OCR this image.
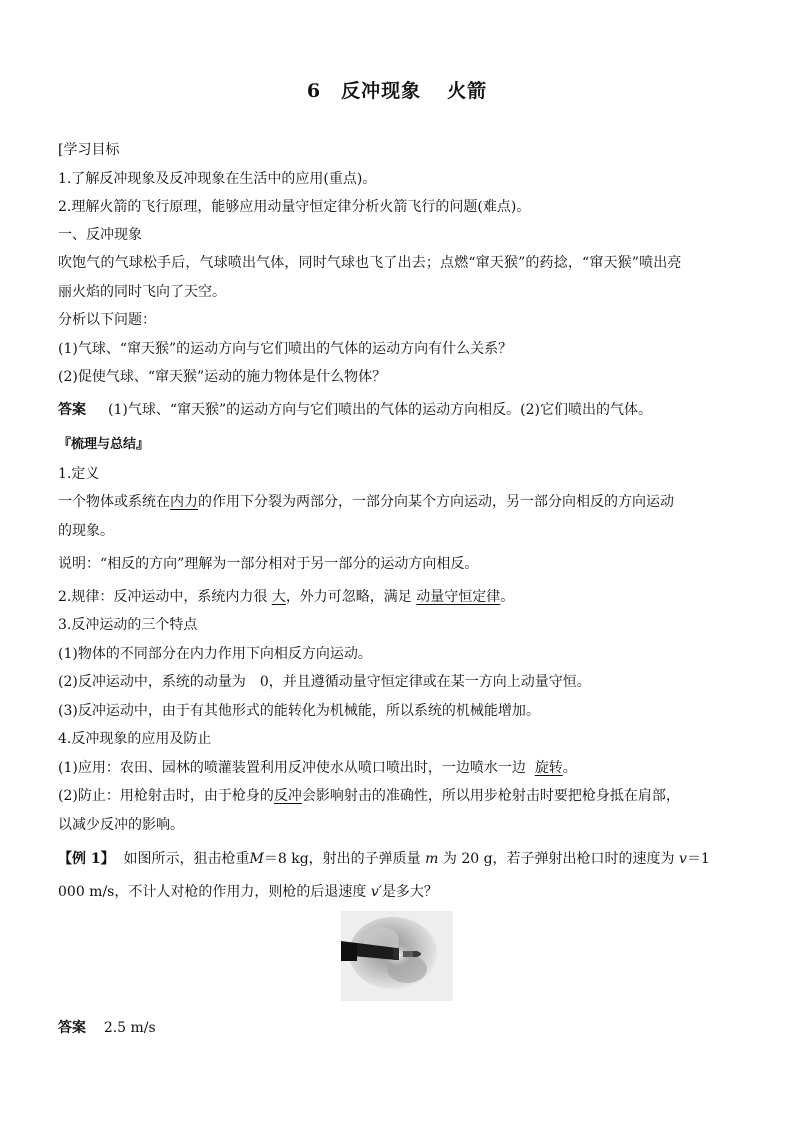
6 反冲现象 火箭
[学习目标
1.了解反冲现象及反冲现象在生活中的应用(重点)。
2.理解火箭的飞行原理，能够应用动量守恒定律分析火箭飞行的问题(难点)。
一、反冲现象
吹饱气的气球松手后，气球喷出气体，同时气球也飞了出去；点燃“窜天猴”的药捻，“窜天猴”喷出亮
丽火焰的同时飞向了天空。
分析以下问题：
(1)气球、“窜天猴”的运动方向与它们喷出的气体的运动方向有什么关系？
(2)促使气球、“窜天猴”运动的施力物体是什么物体？
答案 (1)气球、“窜天猴”的运动方向与它们喷出的气体的运动方向相反。(2)它们喷出的气体。
『梳理与总结』
1.定义
一个物体或系统在内力的作用下分裂为两部分，一部分向某个方向运动，另一部分向相反的方向运动
的现象。
说明：“相反的方向”理解为一部分相对于另一部分的运动方向相反。
2.规律：反冲运动中，系统内力很 大，外力可忽略，满足 动量守恒定律。
3.反冲运动的三个特点
(1)物体的不同部分在内力作用下向相反方向运动。
(2)反冲运动中，系统的动量为　0，并且遵循动量守恒定律或在某一方向上动量守恒。
(3)反冲运动中，由于有其他形式的能转化为机械能，所以系统的机械能增加。
4.反冲现象的应用及防止
(1)应用：农田、园林的喷灌装置利用反冲使水从喷口喷出时，一边喷水一边 旋转。
(2)防止：用枪射击时，由于枪身的反冲会影响射击的准确性，所以用步枪射击时要把枪身抵在肩部，
以减少反冲的影响。
【例 1】 如图所示，狙击枪重M＝8 kg，射出的子弹质量 m 为 20 g，若子弹射出枪口时的速度为 v＝1
000 m/s，不计人对枪的作用力，则枪的后退速度 v′是多大？
答案 2.5 m/s
